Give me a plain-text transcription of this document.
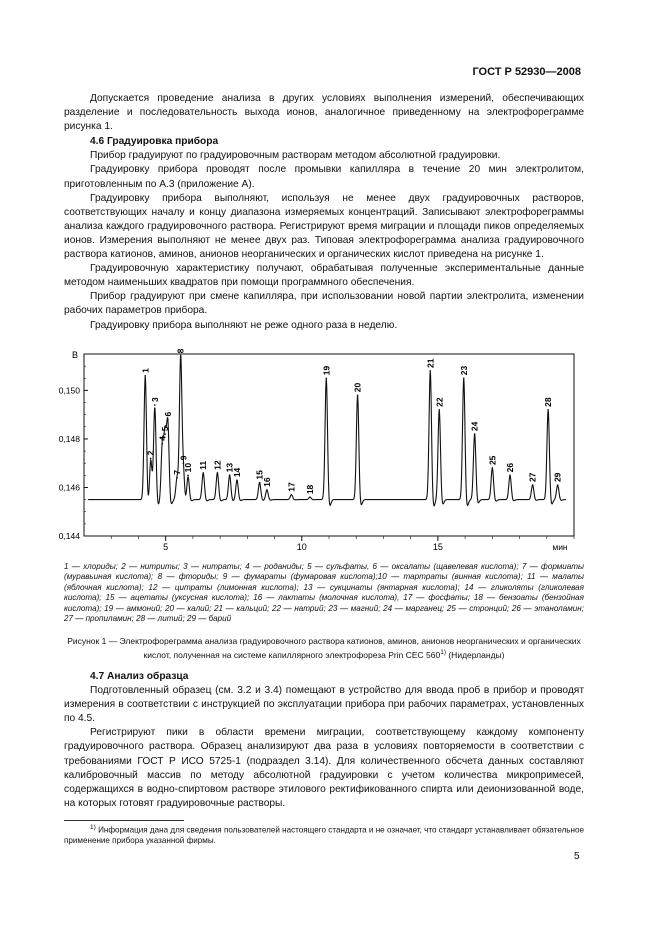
ГОСТ Р 52930—2008

Допускается проведение анализа в других условиях выполнения измерений, обеспечивающих разделение и последовательность выхода ионов, аналогичное приведенному на электрофореграмме рисунка 1.

4.6 Градуировка прибора

Прибор градуируют по градуировочным растворам методом абсолютной градуировки.

Градуировку прибора проводят после промывки капилляра в течение 20 мин электролитом, приготовленным по А.3 (приложение А).

Градуировку прибора выполняют, используя не менее двух градуировочных растворов, соответствующих началу и концу диапазона измеряемых концентраций. Записывают электрофореграммы анализа каждого градуировочного раствора. Регистрируют время миграции и площади пиков определяемых ионов. Измерения выполняют не менее двух раз. Типовая электрофореграмма анализа градуировочного раствора катионов, аминов, анионов неорганических и органических кислот приведена на рисунке 1.

Градуировочную характеристику получают, обрабатывая полученные экспериментальные данные методом наименьших квадратов при помощи программного обеспечения.

Прибор градуируют при смене капилляра, при использовании новой партии электролита, изменении рабочих параметров прибора.

Градуировку прибора выполняют не реже одного раза в неделю.

0,144
0,146
0,148
0,150
5	10	15
В
мин
1
2
3
4
5
6
7
8
9
10 11 12 13
14 15
16
17 18
19
20
21
22
23
24
25
26
27
28
29
1 — хлориды; 2 — нитриты; 3 — нитраты; 4 — роданиды; 5 — сульфаты, 6 — оксалаты (щавелевая кислота); 7 — формиаты (муравьиная кислота); 8 — фториды; 9 — фумараты (фумаровая кислота);10 — тартраты (винная кислота); 11 — малаты (яблочная кислота); 12 — цитраты (лимонная кислота); 13 — сукцинаты (янтарная кислота); 14 — гликоляты (гликолевая кислота); 15 — ацетаты (уксусная кислота); 16 — лактаты (молочная кислота), 17 — фосфаты; 18 — бензоаты (бензойная кислота); 19 — аммоний; 20 — калий; 21 — кальций; 22 — натрий; 23 — магний; 24 — марганец; 25 — стронций; 26 — этаноламин; 27 — пропиламин; 28 — литий; 29 — барий
Рисунок 1 — Электрофореграмма анализа градуировочного раствора катионов, аминов, анионов неорганических и органических кислот, полученная на системе капиллярного электрофореза Prin CEC 560$^{1)}$ (Нидерланды)

4.7 Анализ образца

Подготовленный образец (см. 3.2 и 3.4) помещают в устройство для ввода проб в прибор и проводят измерения в соответствии с инструкцией по эксплуатации прибора при рабочих параметрах, установленных по 4.5.

Регистрируют пики в области времени миграции, соответствующему каждому компоненту градуировочного раствора. Образец анализируют два раза в условиях повторяемости в соответствии с требованиями ГОСТ Р ИСО 5725-1 (подраздел 3.14). Для количественного обсчета данных составляют калибровочный массив по методу абсолютной градуировки с учетом количества микропримесей, содержащихся в водно-спиртовом растворе этилового ректификованного спирта или деионизованной воде, на которых готовят градуировочные растворы.

$^{1)}$ Информация дана для сведения пользователей настоящего стандарта и не означает, что стандарт устанавливает обязательное применение прибора указанной фирмы.
5
